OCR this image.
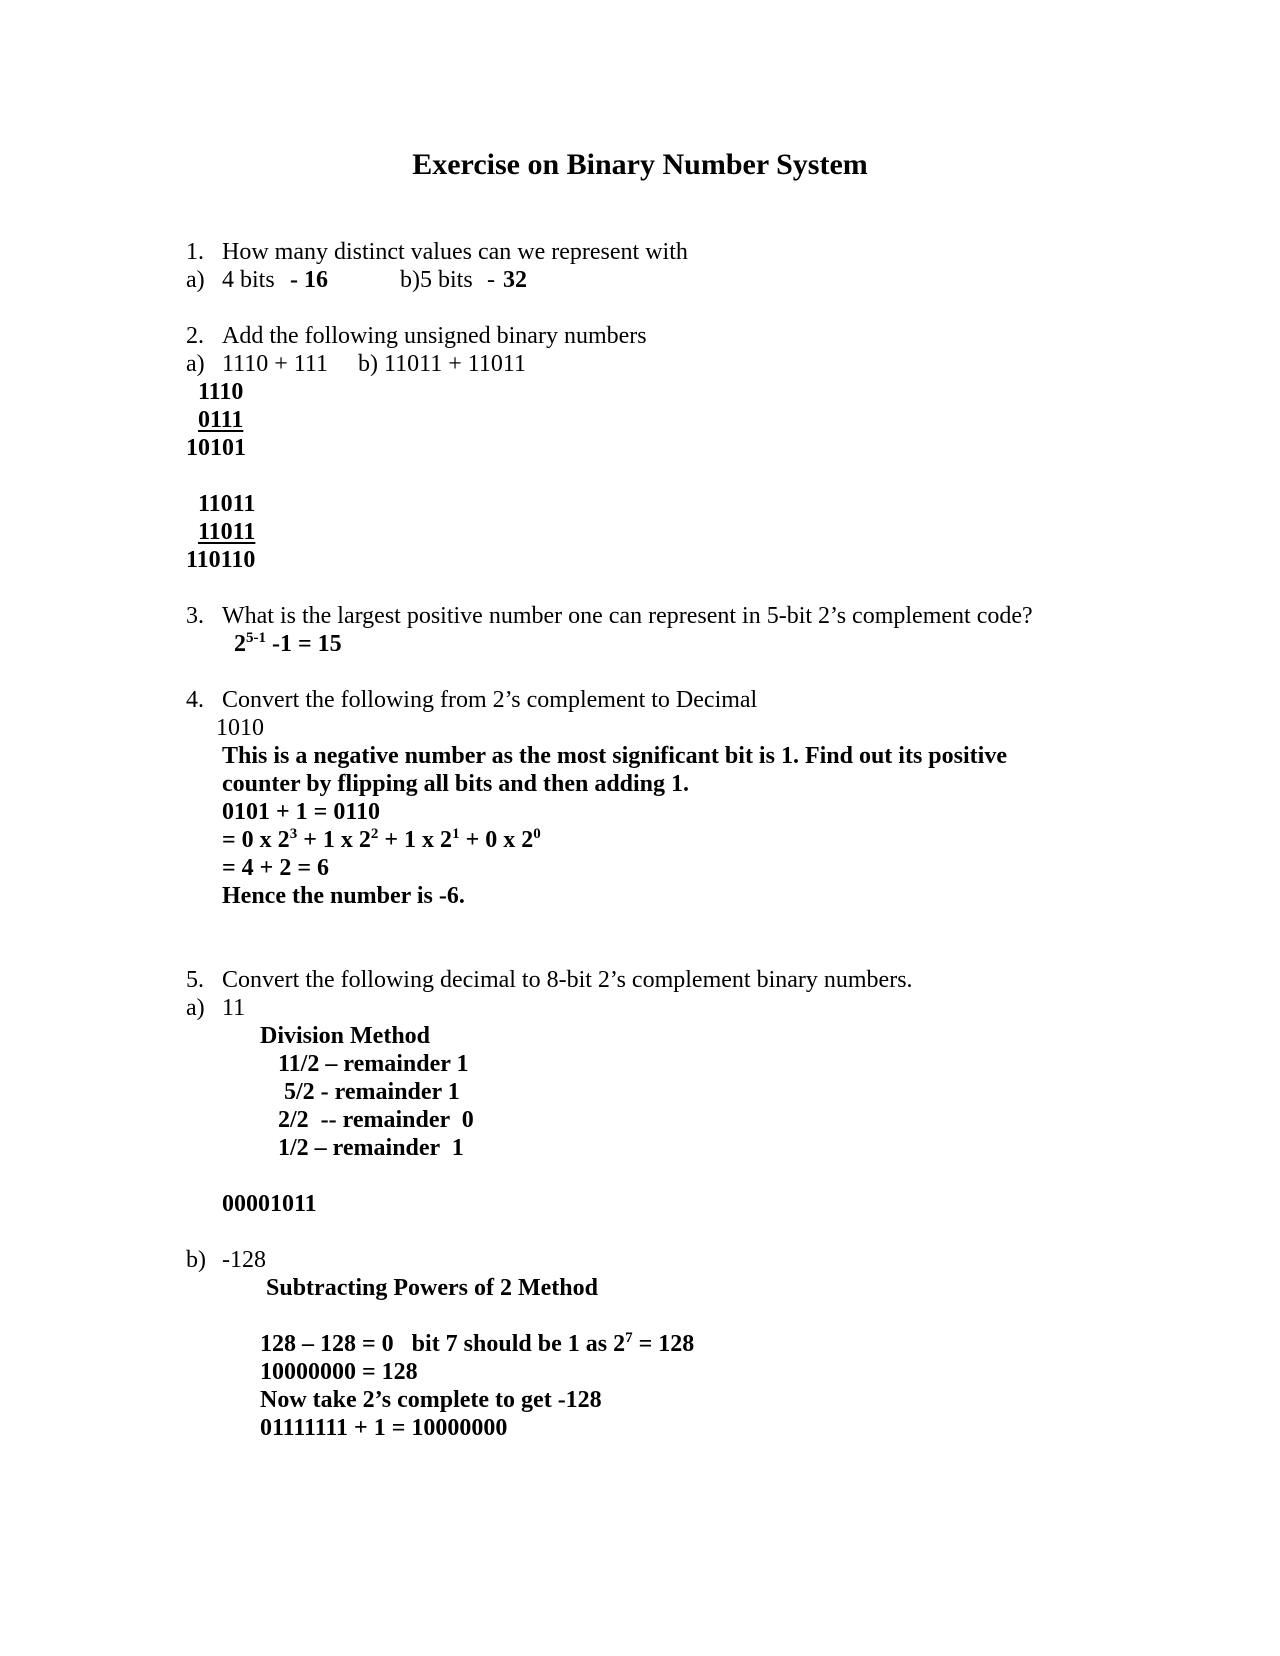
Exercise on Binary Number System
1. How many distinct values can we represent with
a) 4 bits - 16	b)5 bits - 32
2. Add the following unsigned binary numbers
a) 1110 + 111 b) 11011 + 11011
1110
0111
10101
11011
11011
110110
3. What is the largest positive number one can represent in 5-bit 2’s complement code?
2$^{5-1}$ -1 = 15
4. Convert the following from 2’s complement to Decimal
1010
This is a negative number as the most significant bit is 1. Find out its positive
counter by flipping all bits and then adding 1.
0101 + 1 = 0110
= 0 x $2^3 + 1$ x $2^2 + 1$ x $2^1 + 0$ x $2^0$
= 4 + 2 = 6
Hence the number is -6.
5. Convert the following decimal to 8-bit 2’s complement binary numbers.
a) 11
Division Method
11/2 – remainder 1
5/2 - remainder 1
2/2  -- remainder  0
1/2 – remainder  1
00001011
b) -128
Subtracting Powers of 2 Method
128 – 128 = 0   bit 7 should be 1 as $2^7 = 128$
10000000 = 128
Now take 2’s complete to get -128
01111111 + 1 = 10000000
